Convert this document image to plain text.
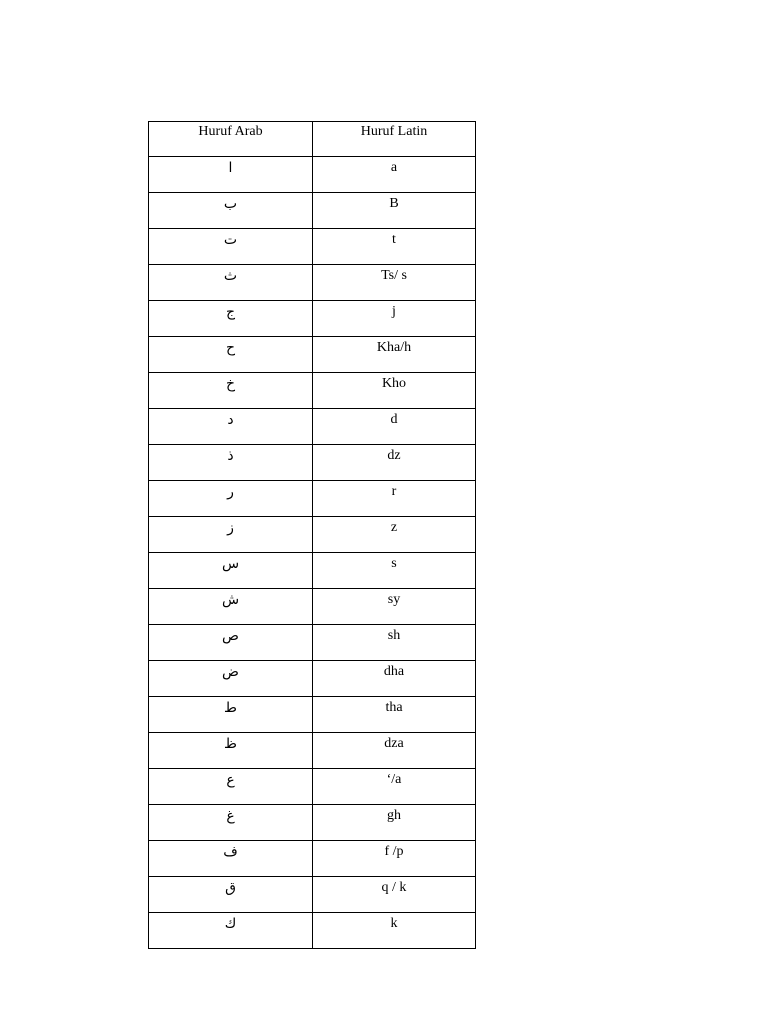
Huruf Arab	Huruf Latin
ا	a
ب	B
ت	t
ث	Ts/ s
ج	j
ح	Kha/h
خ	Kho
د	d
ذ	dz
ر	r
ز	z
س	s
ش	sy
ص	sh
ض	dha
ط	tha
ظ	dza
ع	‘/a
غ	gh
ف	f /p
ق	q / k
ك	k
